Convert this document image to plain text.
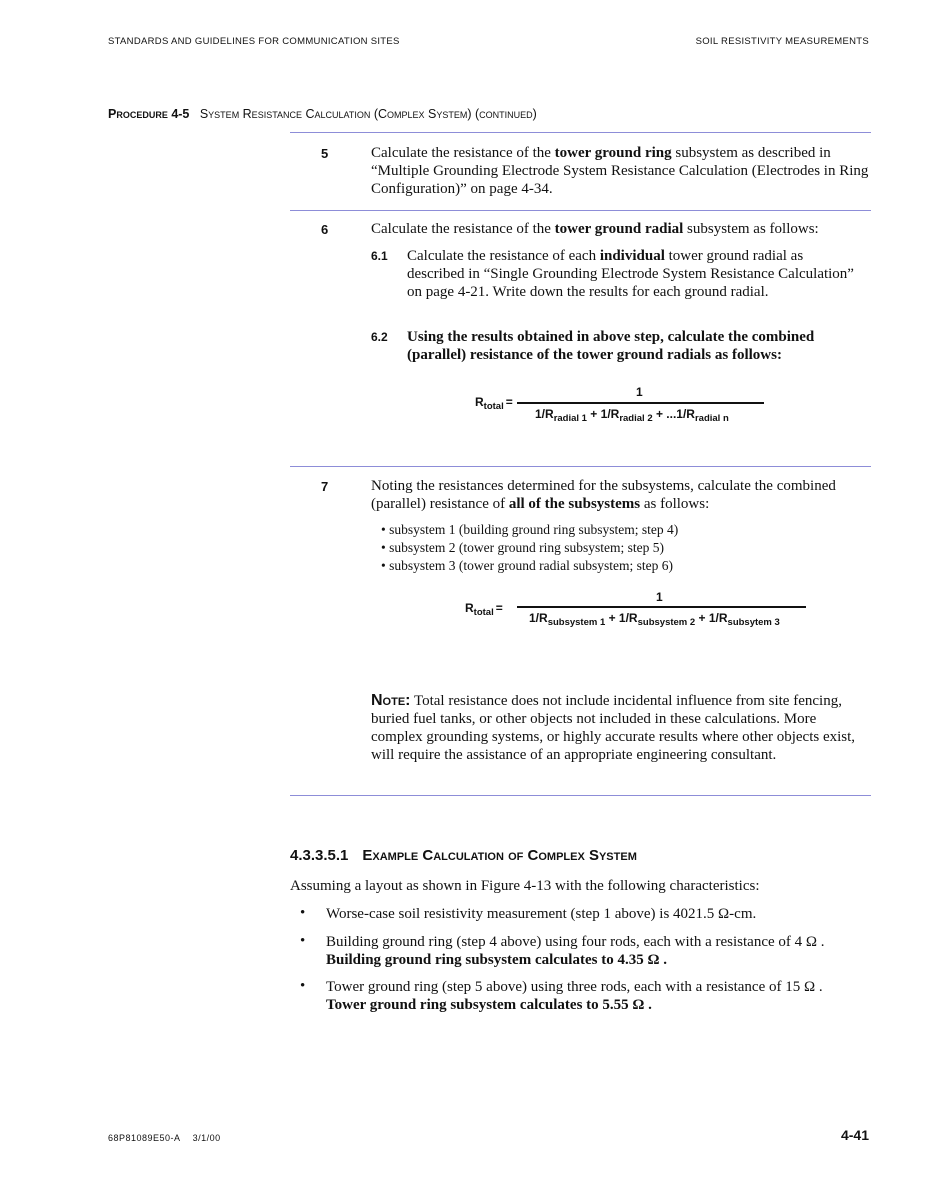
STANDARDS AND GUIDELINES FOR COMMUNICATION SITES	SOIL RESISTIVITY MEASUREMENTS
Procedure 4-5 System Resistance Calculation (Complex System) (continued)
5	Calculate the resistance of the tower ground ring subsystem as described in “Multiple Grounding Electrode System Resistance Calculation (Electrodes in Ring Configuration)” on page 4-34.
6	Calculate the resistance of the tower ground radial subsystem as follows:
6.1 Calculate the resistance of each individual tower ground radial as described in “Single Grounding Electrode System Resistance Calculation” on page 4-21. Write down the results for each ground radial.
6.2 Using the results obtained in above step, calculate the combined (parallel) resistance of the tower ground radials as follows:
$R_{total}$ =
1
$1/R_{radial 1} + 1/R_{radial 2} + ...1/R_{radial n}$
7	Noting the resistances determined for the subsystems, calculate the combined (parallel) resistance of all of the subsystems as follows:
• subsystem 1 (building ground ring subsystem; step 4)
• subsystem 2 (tower ground ring subsystem; step 5)
• subsystem 3 (tower ground radial subsystem; step 6)
$R_{total}$ =
1
$1/R_{subsystem 1} + 1/R_{subsystem 2} + 1/R_{subsytem 3}$
Note: Total resistance does not include incidental influence from site fencing, buried fuel tanks, or other objects not included in these calculations. More complex grounding systems, or highly accurate results where other objects exist, will require the assistance of an appropriate engineering consultant.
4.3.3.5.1 Example Calculation of Complex System
Assuming a layout as shown in Figure 4-13 with the following characteristics:
• Worse-case soil resistivity measurement (step 1 above) is 4021.5 Ω-cm.
• Building ground ring (step 4 above) using four rods, each with a resistance of 4 Ω .
Building ground ring subsystem calculates to 4.35 Ω .
• Tower ground ring (step 5 above) using three rods, each with a resistance of 15 Ω .
Tower ground ring subsystem calculates to 5.55 Ω .
68P81089E50-A 3/1/00	4-41
